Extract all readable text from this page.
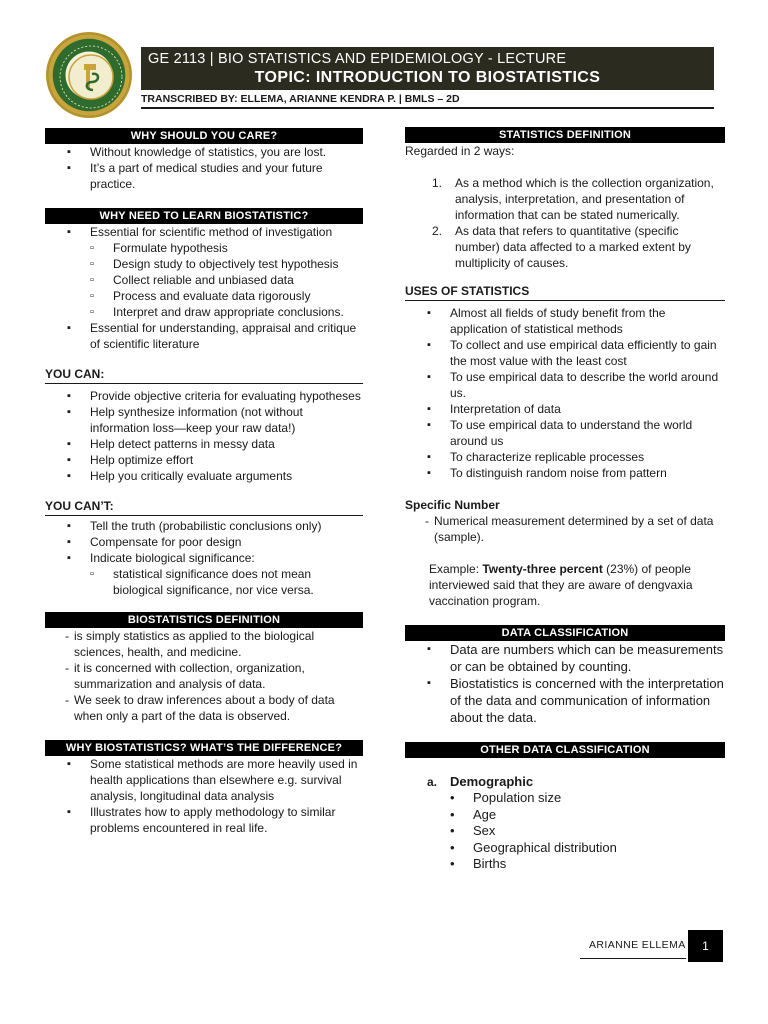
GE 2113 | BIO STATISTICS AND EPIDEMIOLOGY - LECTURE
TOPIC: INTRODUCTION TO BIOSTATISTICS
TRANSCRIBED BY: ELLEMA, ARIANNE KENDRA P. | BMLS – 2D
WHY SHOULD YOU CARE?
▪ Without knowledge of statistics, you are lost.
▪ It’s a part of medical studies and your future practice.
WHY NEED TO LEARN BIOSTATISTIC?
▪ Essential for scientific method of investigation
▫ Formulate hypothesis
▫ Design study to objectively test hypothesis
▫ Collect reliable and unbiased data
▫ Process and evaluate data rigorously
▫ Interpret and draw appropriate conclusions.
▪ Essential for understanding, appraisal and critique of scientific literature
YOU CAN:
▪ Provide objective criteria for evaluating hypotheses
▪ Help synthesize information (not without information loss—keep your raw data!)
▪ Help detect patterns in messy data
▪ Help optimize effort
▪ Help you critically evaluate arguments
YOU CAN’T:
▪ Tell the truth (probabilistic conclusions only)
▪ Compensate for poor design
▪ Indicate biological significance:
▫ statistical significance does not mean biological significance, nor vice versa.
BIOSTATISTICS DEFINITION
- is simply statistics as applied to the biological sciences, health, and medicine.
- it is concerned with collection, organization, summarization and analysis of data.
- We seek to draw inferences about a body of data when only a part of the data is observed.
WHY BIOSTATISTICS? WHAT’S THE DIFFERENCE?
▪ Some statistical methods are more heavily used in health applications than elsewhere e.g. survival analysis, longitudinal data analysis
▪ Illustrates how to apply methodology to similar problems encountered in real life.
STATISTICS DEFINITION
Regarded in 2 ways:
1. As a method which is the collection organization, analysis, interpretation, and presentation of information that can be stated numerically.
2. As data that refers to quantitative (specific number) data affected to a marked extent by multiplicity of causes.
USES OF STATISTICS
▪ Almost all fields of study benefit from the application of statistical methods
▪ To collect and use empirical data efficiently to gain the most value with the least cost
▪ To use empirical data to describe the world around us.
▪ Interpretation of data
▪ To use empirical data to understand the world around us
▪ To characterize replicable processes
▪ To distinguish random noise from pattern
Specific Number
- Numerical measurement determined by a set of data (sample).
Example: Twenty-three percent (23%) of people interviewed said that they are aware of dengvaxia vaccination program.
DATA CLASSIFICATION
▪ Data are numbers which can be measurements or can be obtained by counting.
▪ Biostatistics is concerned with the interpretation of the data and communication of information about the data.
OTHER DATA CLASSIFICATION
a. Demographic
• Population size
• Age
• Sex
• Geographical distribution
• Births
ARIANNE ELLEMA	1
